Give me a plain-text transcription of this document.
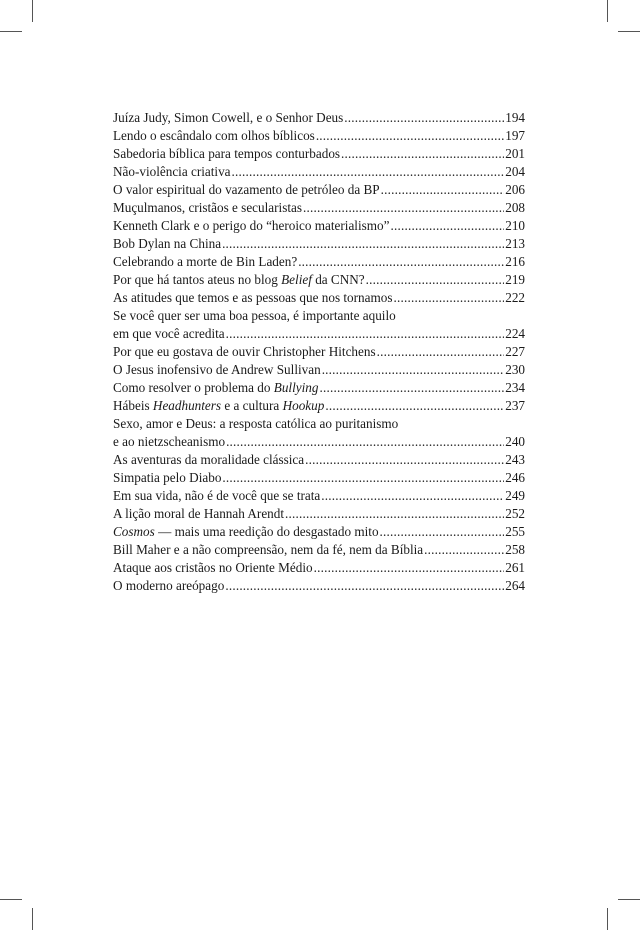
Juíza Judy, Simon Cowell, e o Senhor Deus .....	194
Lendo o escândalo com olhos bíblicos .....	197
Sabedoria bíblica para tempos conturbados .....	201
Não-violência criativa .....	204
O valor espiritual do vazamento de petróleo da BP .....	206
Muçulmanos, cristãos e secularistas .....	208
Kenneth Clark e o perigo do “heroico materialismo” .....	210
Bob Dylan na China .....	213
Celebrando a morte de Bin Laden? .....	216
Por que há tantos ateus no blog Belief da CNN? .....	219
As atitudes que temos e as pessoas que nos tornamos .....	222
Se você quer ser uma boa pessoa, é importante aquilo
em que você acredita .....	224
Por que eu gostava de ouvir Christopher Hitchens .....	227
O Jesus inofensivo de Andrew Sullivan .....	230
Como resolver o problema do Bullying .....	234
Hábeis Headhunters e a cultura Hookup .....	237
Sexo, amor e Deus: a resposta católica ao puritanismo
e ao nietzscheanismo .....	240
As aventuras da moralidade clássica .....	243
Simpatia pelo Diabo .....	246
Em sua vida, não é de você que se trata .....	249
A lição moral de Hannah Arendt .....	252
Cosmos — mais uma reedição do desgastado mito .....	255
Bill Maher e a não compreensão, nem da fé, nem da Bíblia .....	258
Ataque aos cristãos no Oriente Médio .....	261
O moderno areópago .....	264
